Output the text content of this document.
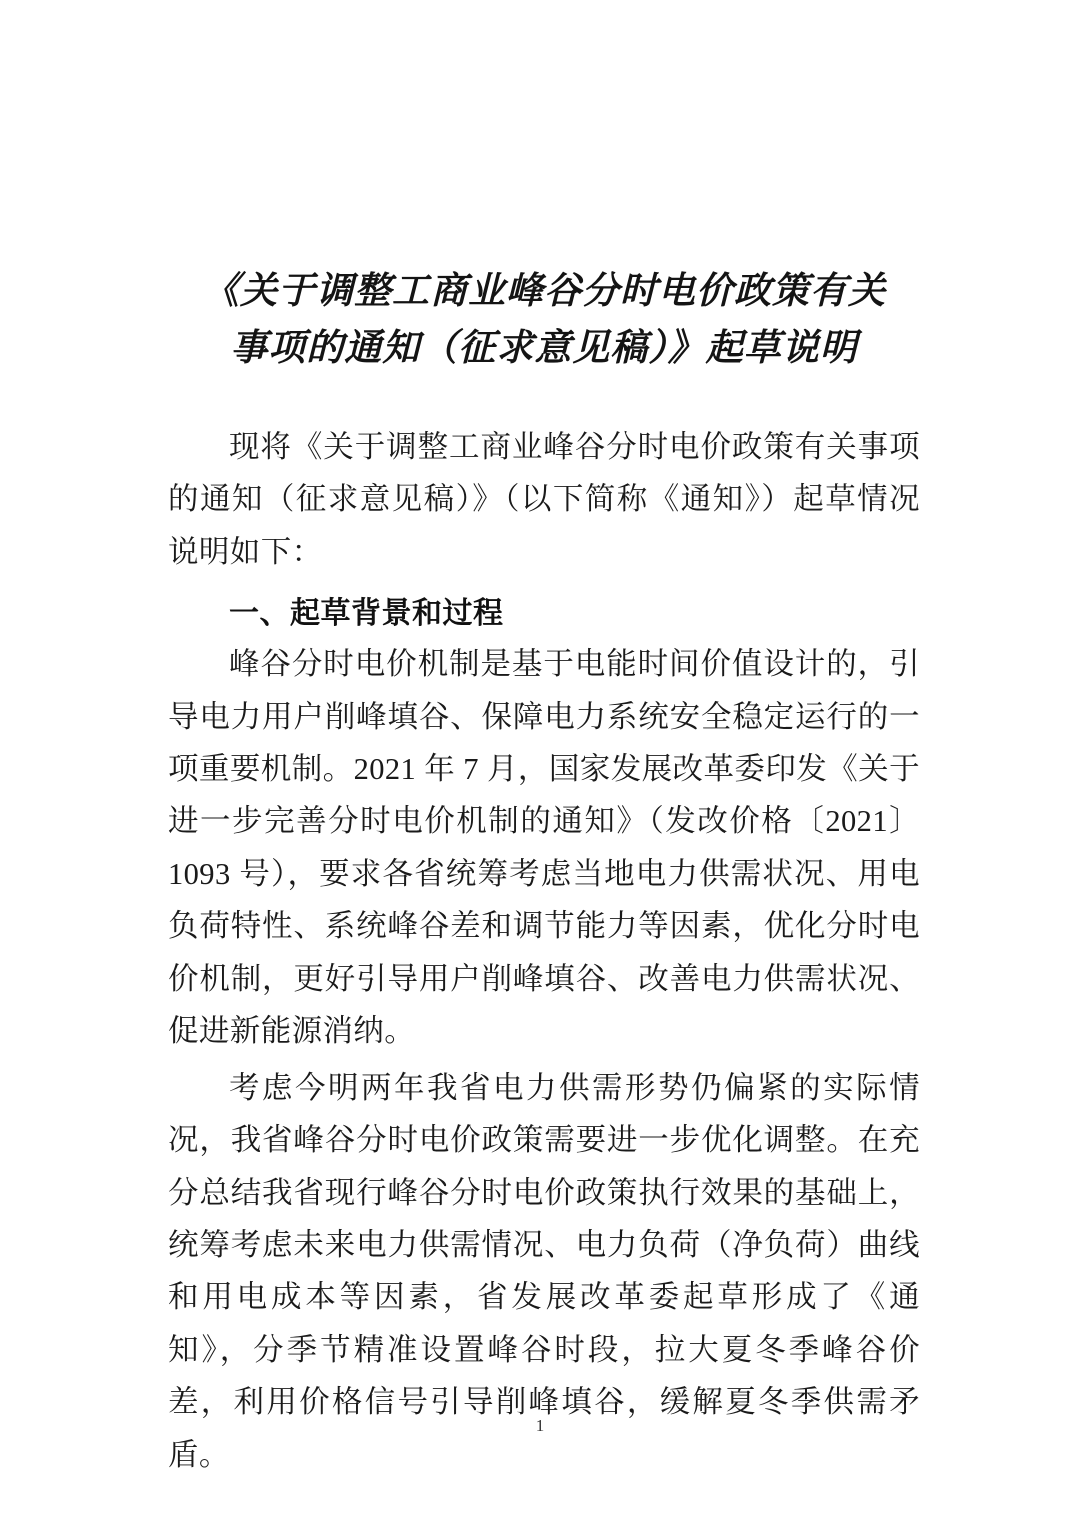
《关于调整工商业峰谷分时电价政策有关
事项的通知（征求意见稿）》起草说明

现将《关于调整工商业峰谷分时电价政策有关事项的通知（征求意见稿）》（以下简称《通知》）起草情况说明如下：

一、起草背景和过程

峰谷分时电价机制是基于电能时间价值设计的，引导电力用户削峰填谷、保障电力系统安全稳定运行的一项重要机制。2021 年 7 月，国家发展改革委印发《关于进一步完善分时电价机制的通知》（发改价格〔2021〕1093 号），要求各省统筹考虑当地电力供需状况、用电负荷特性、系统峰谷差和调节能力等因素，优化分时电价机制，更好引导用户削峰填谷、改善电力供需状况、促进新能源消纳。

考虑今明两年我省电力供需形势仍偏紧的实际情况，我省峰谷分时电价政策需要进一步优化调整。在充分总结我省现行峰谷分时电价政策执行效果的基础上，统筹考虑未来电力供需情况、电力负荷（净负荷）曲线和用电成本等因素，省发展改革委起草形成了《通知》，分季节精准设置峰谷时段，拉大夏冬季峰谷价差，利用价格信号引导削峰填谷，缓解夏冬季供需矛盾。

1
